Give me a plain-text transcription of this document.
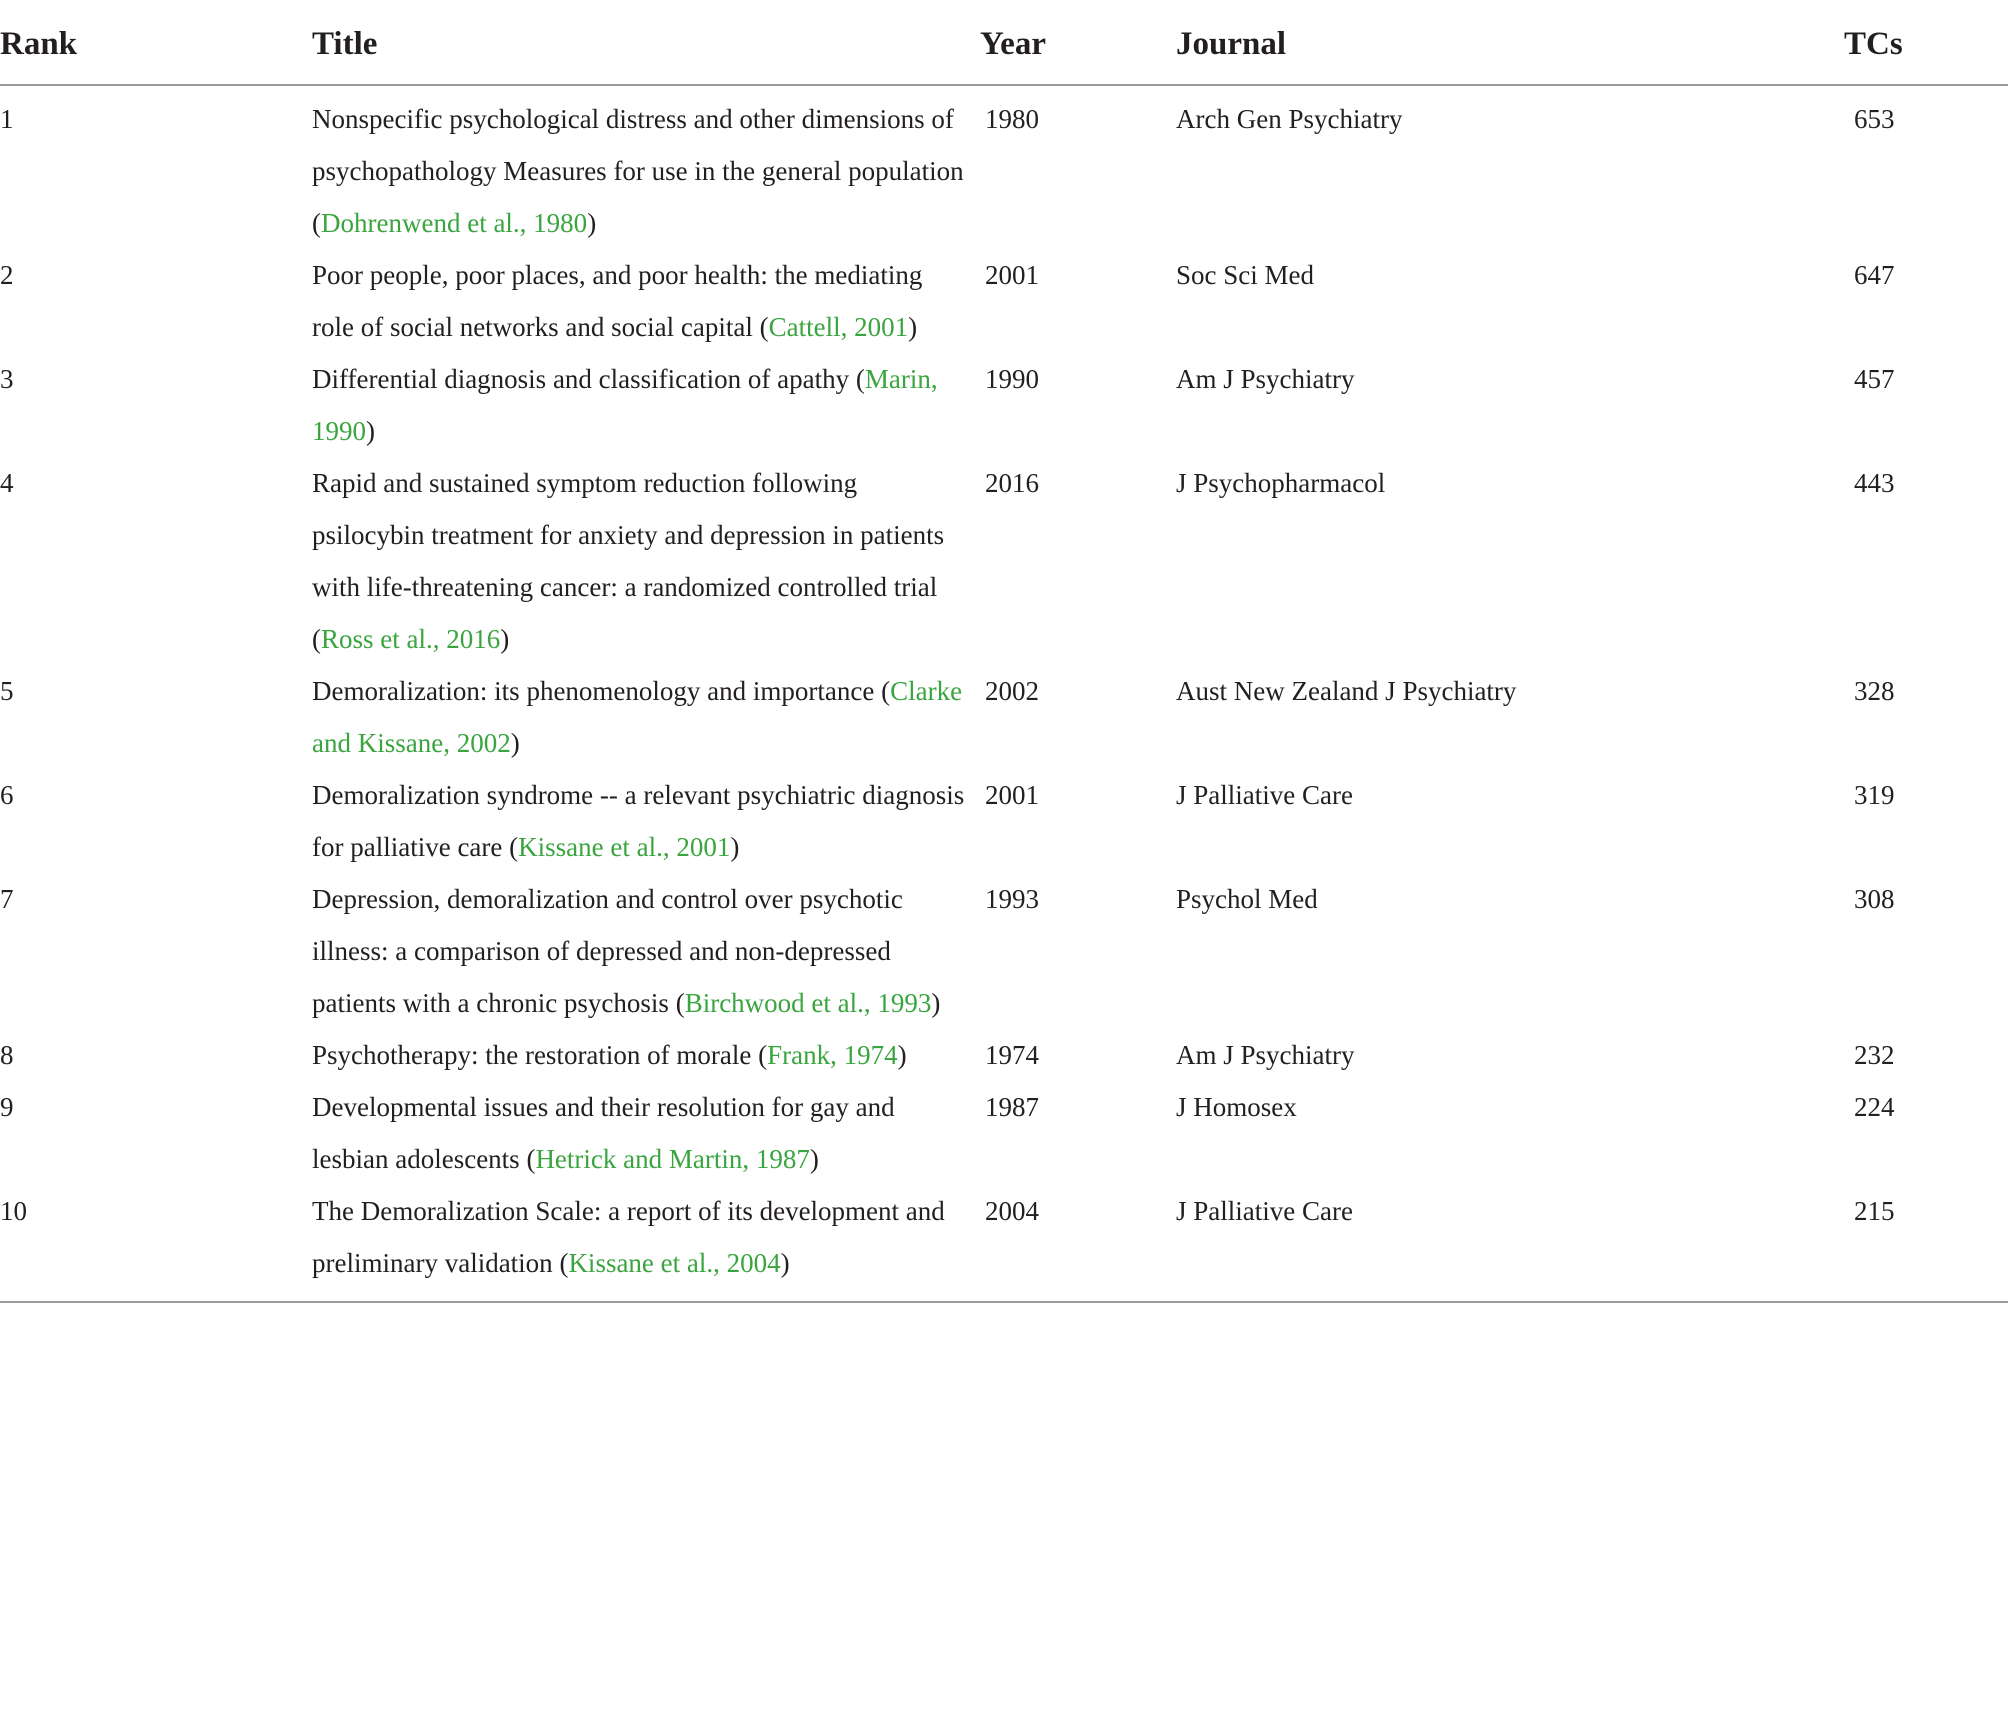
Rank	Title	Year	Journal	TCs
1	Nonspecific psychological distress and other dimensions of psychopathology Measures for use in the general population (Dohrenwend et al., 1980)	1980	Arch Gen Psychiatry	653
2	Poor people, poor places, and poor health: the mediating role of social networks and social capital (Cattell, 2001)	2001	Soc Sci Med	647
3	Differential diagnosis and classification of apathy (Marin, 1990)	1990	Am J Psychiatry	457
4	Rapid and sustained symptom reduction following psilocybin treatment for anxiety and depression in patients with life-threatening cancer: a randomized controlled trial (Ross et al., 2016)	2016	J Psychopharmacol	443
5	Demoralization: its phenomenology and importance (Clarke and Kissane, 2002)	2002	Aust New Zealand J Psychiatry	328
6	Demoralization syndrome -- a relevant psychiatric diagnosis for palliative care (Kissane et al., 2001)	2001	J Palliative Care	319
7	Depression, demoralization and control over psychotic illness: a comparison of depressed and non-depressed patients with a chronic psychosis (Birchwood et al., 1993)	1993	Psychol Med	308
8	Psychotherapy: the restoration of morale (Frank, 1974)	1974	Am J Psychiatry	232
9	Developmental issues and their resolution for gay and lesbian adolescents (Hetrick and Martin, 1987)	1987	J Homosex	224
10	The Demoralization Scale: a report of its development and preliminary validation (Kissane et al., 2004)	2004	J Palliative Care	215
